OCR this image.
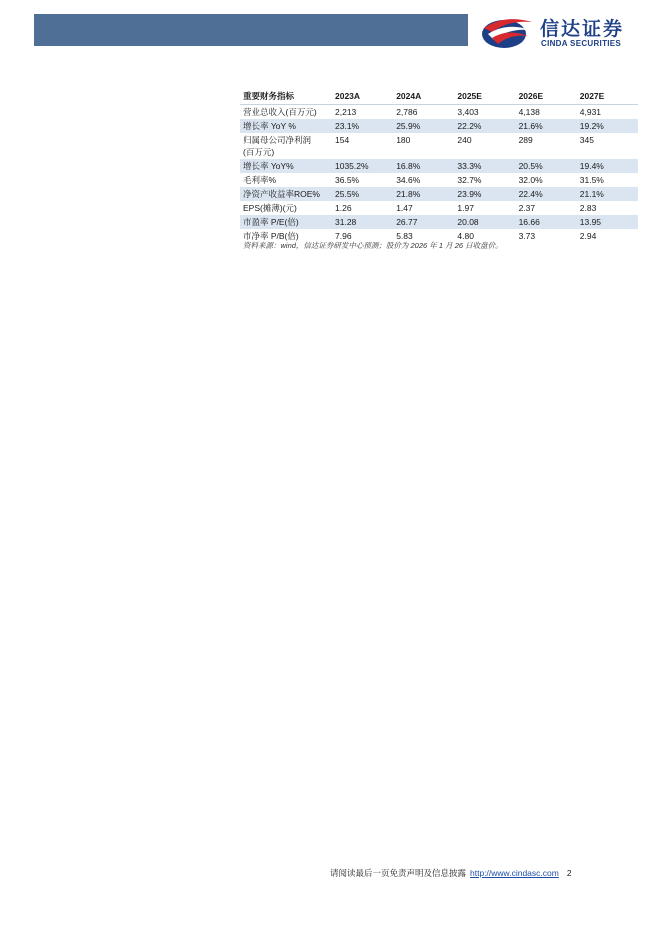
信达证券
CINDA SECURITIES
重要财务指标	2023A	2024A	2025E	2026E	2027E
营业总收入(百万元)	2,213	2,786	3,403	4,138	4,931
增长率 YoY %	23.1%	25.9%	22.2%	21.6%	19.2%
归属母公司净利润
(百万元)	154	180	240	289	345
增长率 YoY%	1035.2%	16.8%	33.3%	20.5%	19.4%
毛利率%	36.5%	34.6%	32.7%	32.0%	31.5%
净资产收益率ROE%	25.5%	21.8%	23.9%	22.4%	21.1%
EPS(摊薄)(元)	1.26	1.47	1.97	2.37	2.83
市盈率 P/E(倍)	31.28	26.77	20.08	16.66	13.95
市净率 P/B(倍)	7.96	5.83	4.80	3.73	2.94
资料来源：wind，信达证券研发中心预测；股价为 2026 年 1 月 26 日收盘价。
请阅读最后一页免责声明及信息披露 http://www.cindasc.com 2
